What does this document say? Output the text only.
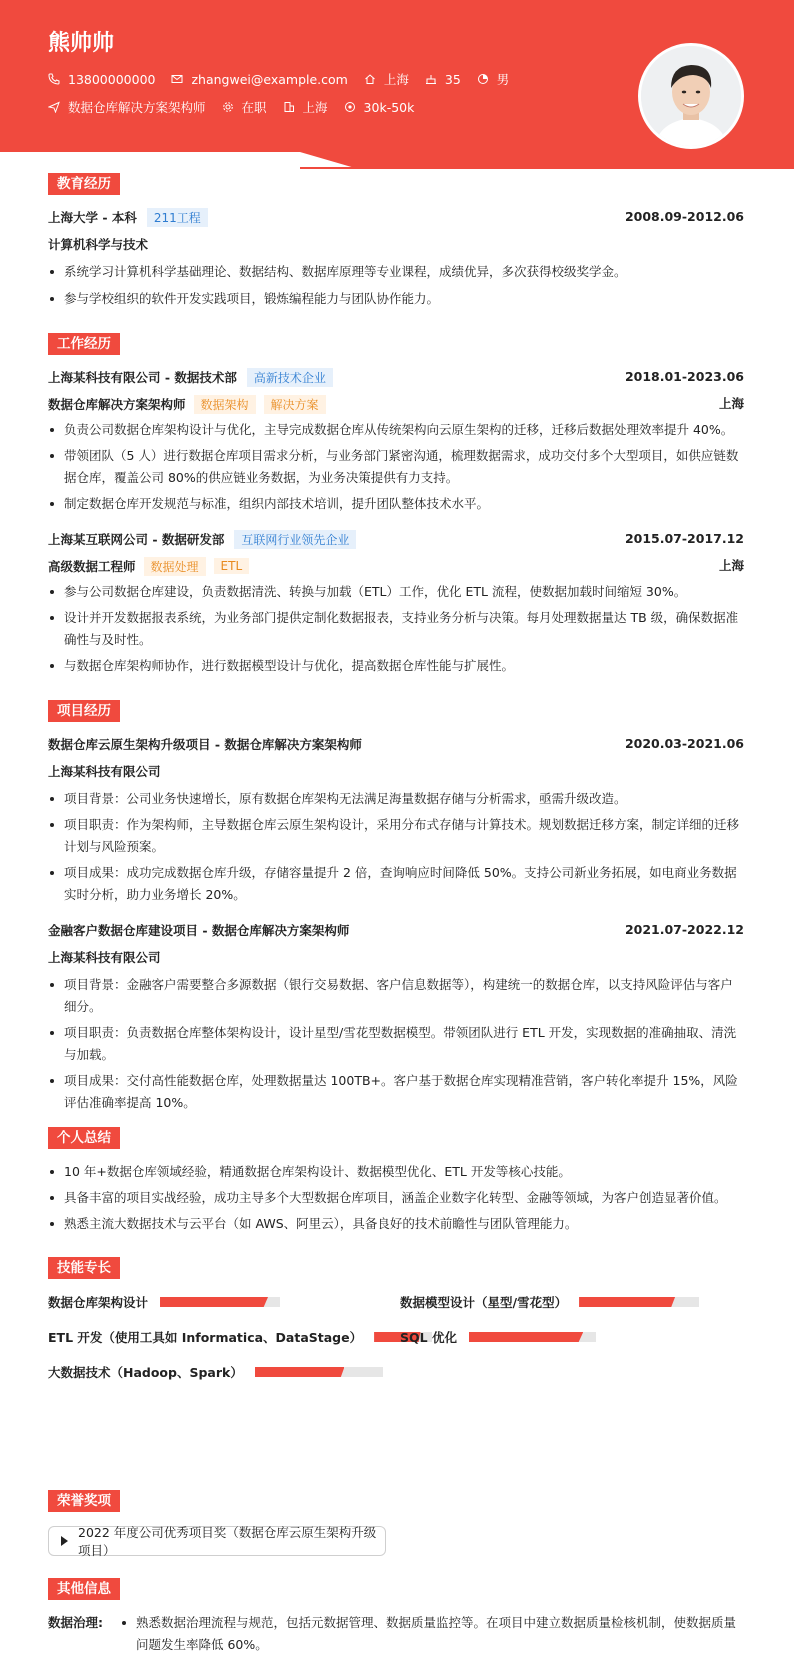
熊帅帅
13800000000	zhangwei@example.com	上海	35	男
数据仓库解决方案架构师	在职	上海	30k-50k
教育经历
上海大学 - 本科	211工程	2008.09-2012.06
计算机科学与技术
系统学习计算机科学基础理论、数据结构、数据库原理等专业课程，成绩优异，多次获得校级奖学金。
参与学校组织的软件开发实践项目，锻炼编程能力与团队协作能力。
工作经历
上海某科技有限公司 - 数据技术部	高新技术企业	2018.01-2023.06
数据仓库解决方案架构师	数据架构	解决方案	上海
负责公司数据仓库架构设计与优化，主导完成数据仓库从传统架构向云原生架构的迁移，迁移后数据处理效率提升 40%。
带领团队（5 人）进行数据仓库项目需求分析，与业务部门紧密沟通，梳理数据需求，成功交付多个大型项目，如供应链数据仓库，覆盖公司 80%的供应链业务数据，为业务决策提供有力支持。
制定数据仓库开发规范与标准，组织内部技术培训，提升团队整体技术水平。
上海某互联网公司 - 数据研发部	互联网行业领先企业	2015.07-2017.12
高级数据工程师	数据处理	ETL	上海
参与公司数据仓库建设，负责数据清洗、转换与加载（ETL）工作，优化 ETL 流程，使数据加载时间缩短 30%。
设计并开发数据报表系统，为业务部门提供定制化数据报表，支持业务分析与决策。每月处理数据量达 TB 级，确保数据准确性与及时性。
与数据仓库架构师协作，进行数据模型设计与优化，提高数据仓库性能与扩展性。
项目经历
数据仓库云原生架构升级项目 - 数据仓库解决方案架构师	2020.03-2021.06
上海某科技有限公司
项目背景：公司业务快速增长，原有数据仓库架构无法满足海量数据存储与分析需求，亟需升级改造。
项目职责：作为架构师，主导数据仓库云原生架构设计，采用分布式存储与计算技术。规划数据迁移方案，制定详细的迁移计划与风险预案。
项目成果：成功完成数据仓库升级，存储容量提升 2 倍，查询响应时间降低 50%。支持公司新业务拓展，如电商业务数据实时分析，助力业务增长 20%。
金融客户数据仓库建设项目 - 数据仓库解决方案架构师	2021.07-2022.12
上海某科技有限公司
项目背景：金融客户需要整合多源数据（银行交易数据、客户信息数据等），构建统一的数据仓库，以支持风险评估与客户细分。
项目职责：负责数据仓库整体架构设计，设计星型/雪花型数据模型。带领团队进行 ETL 开发，实现数据的准确抽取、清洗与加载。
项目成果：交付高性能数据仓库，处理数据量达 100TB+。客户基于数据仓库实现精准营销，客户转化率提升 15%，风险评估准确率提高 10%。
个人总结
10 年+数据仓库领域经验，精通数据仓库架构设计、数据模型优化、ETL 开发等核心技能。
具备丰富的项目实战经验，成功主导多个大型数据仓库项目，涵盖企业数字化转型、金融等领域，为客户创造显著价值。
熟悉主流大数据技术与云平台（如 AWS、阿里云），具备良好的技术前瞻性与团队管理能力。
技能专长
数据仓库架构设计	数据模型设计（星型/雪花型）
ETL 开发（使用工具如 Informatica、DataStage）	SQL 优化
大数据技术（Hadoop、Spark）
荣誉奖项
2022 年度公司优秀项目奖（数据仓库云原生架构升级项目）
其他信息
数据治理:	熟悉数据治理流程与规范，包括元数据管理、数据质量监控等。在项目中建立数据质量检核机制，使数据质量问题发生率降低 60%。
